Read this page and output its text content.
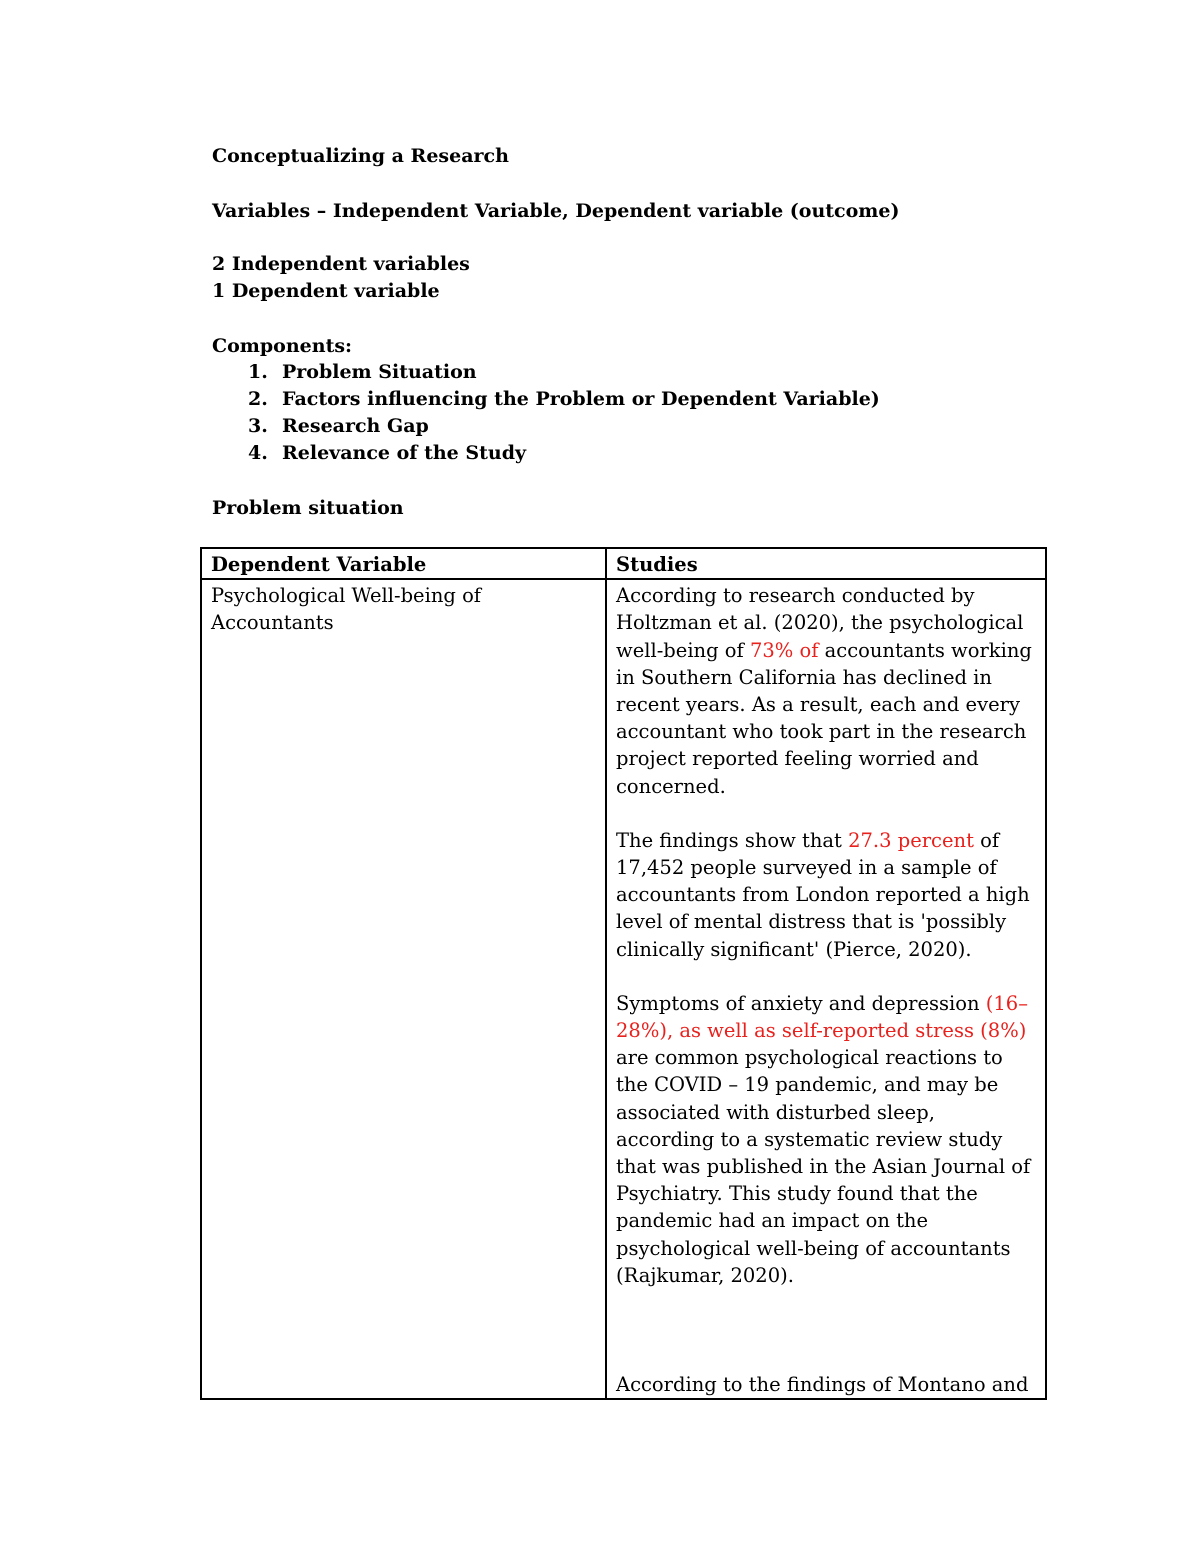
Conceptualizing a Research
Variables – Independent Variable, Dependent variable (outcome)
2 Independent variables
1 Dependent variable
Components:
1. Problem Situation
2. Factors influencing the Problem or Dependent Variable)
3. Research Gap
4. Relevance of the Study
Problem situation
Dependent Variable	Studies
Psychological Well-being of Accountants	According to research conducted by Holtzman et al. (2020), the psychological well-being of 73% of accountants working in Southern California has declined in recent years. As a result, each and every accountant who took part in the research project reported feeling worried and concerned.

The findings show that 27.3 percent of 17,452 people surveyed in a sample of accountants from London reported a high level of mental distress that is 'possibly clinically significant' (Pierce, 2020).

Symptoms of anxiety and depression (16–28%), as well as self-reported stress (8%) are common psychological reactions to the COVID – 19 pandemic, and may be associated with disturbed sleep, according to a systematic review study that was published in the Asian Journal of Psychiatry. This study found that the pandemic had an impact on the psychological well-being of accountants (Rajkumar, 2020).

According to the findings of Montano and
